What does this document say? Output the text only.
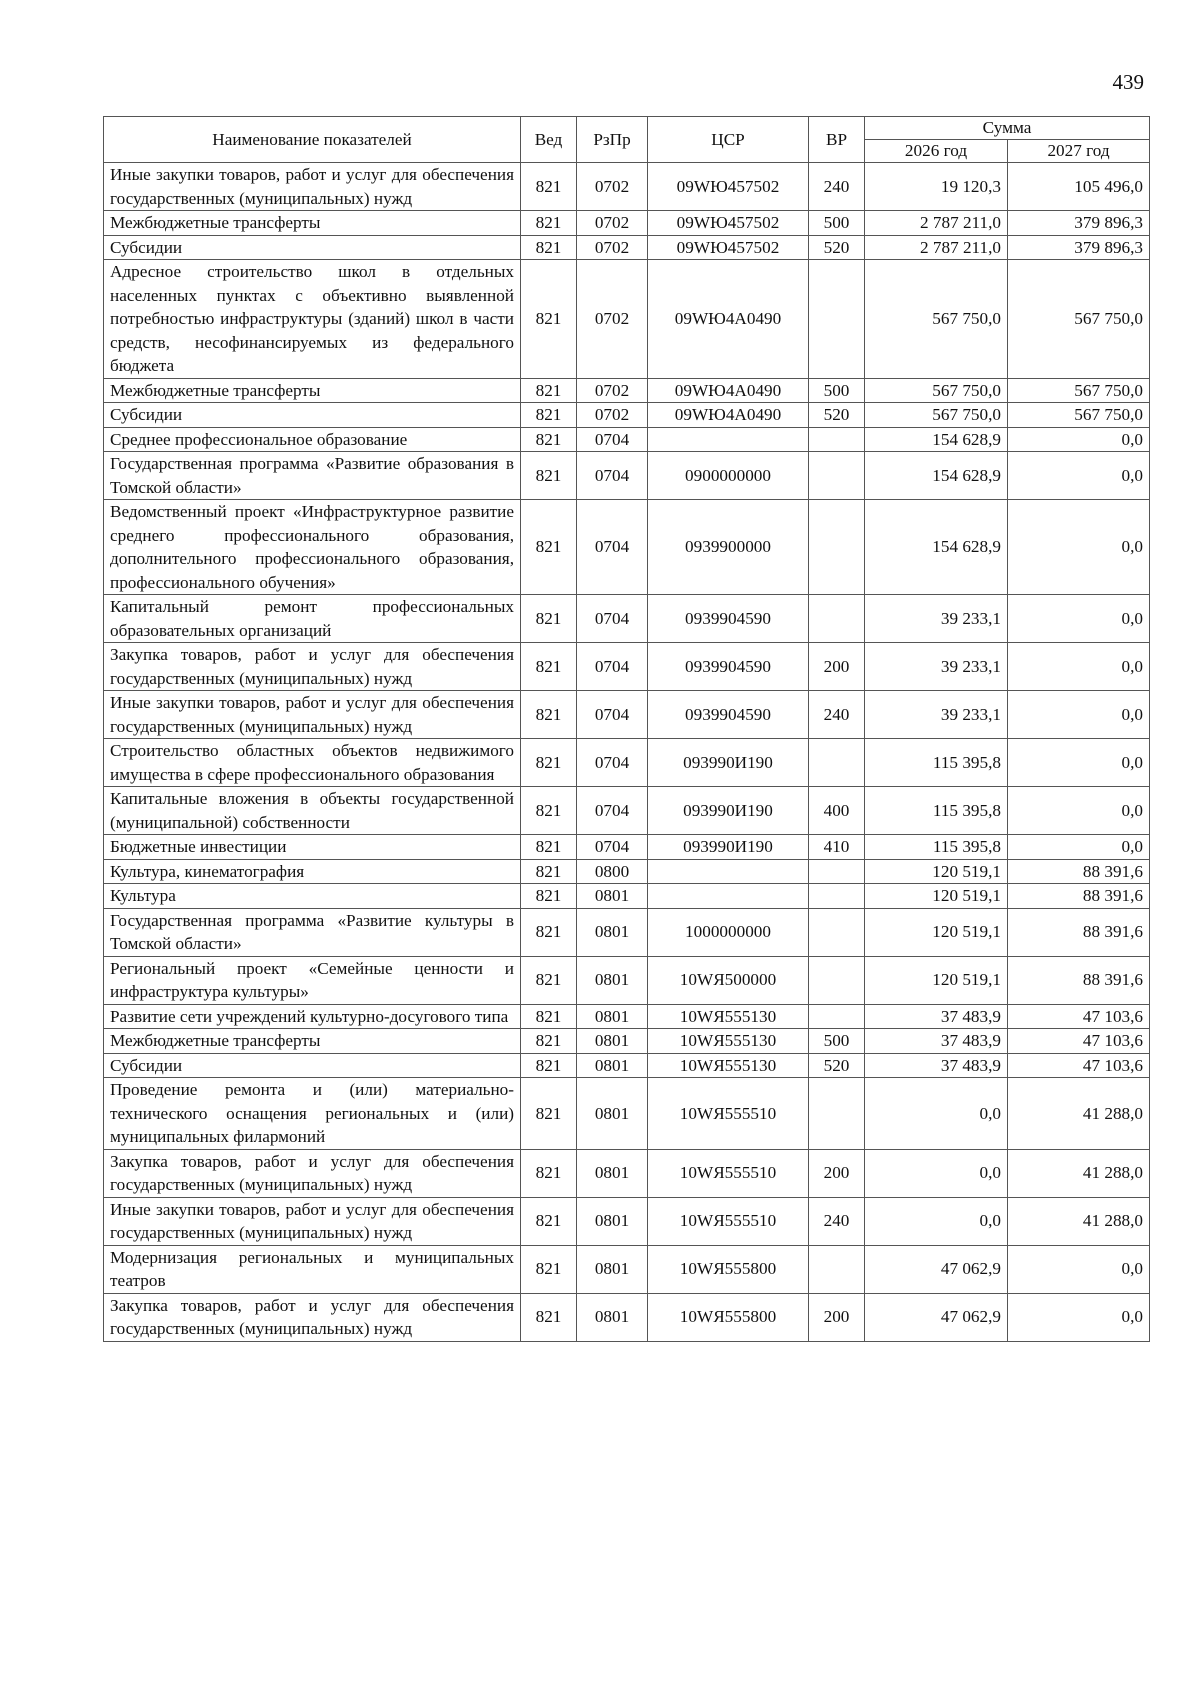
439
Наименование показателей	Вед	РзПр	ЦСР	ВР	Сумма	
					2026 год	2027 год
Иные закупки товаров, работ и услуг для обеспечения государственных (муниципальных) нужд	821	0702	09WЮ457502	240	19 120,3	105 496,0
Межбюджетные трансферты	821	0702	09WЮ457502	500	2 787 211,0	379 896,3
Субсидии	821	0702	09WЮ457502	520	2 787 211,0	379 896,3
Адресное строительство школ в отдельных населенных пунктах с объективно выявленной потребностью инфраструктуры (зданий) школ в части средств, несофинансируемых из федерального бюджета	821	0702	09WЮ4А0490		567 750,0	567 750,0
Межбюджетные трансферты	821	0702	09WЮ4А0490	500	567 750,0	567 750,0
Субсидии	821	0702	09WЮ4А0490	520	567 750,0	567 750,0
Среднее профессиональное образование	821	0704			154 628,9	0,0
Государственная программа «Развитие образования в Томской области»	821	0704	0900000000		154 628,9	0,0
Ведомственный проект «Инфраструктурное развитие среднего профессионального образования, дополнительного профессионального образования, профессионального обучения»	821	0704	0939900000		154 628,9	0,0
Капитальный ремонт профессиональных образовательных организаций	821	0704	0939904590		39 233,1	0,0
Закупка товаров, работ и услуг для обеспечения государственных (муниципальных) нужд	821	0704	0939904590	200	39 233,1	0,0
Иные закупки товаров, работ и услуг для обеспечения государственных (муниципальных) нужд	821	0704	0939904590	240	39 233,1	0,0
Строительство областных объектов недвижимого имущества в сфере профессионального образования	821	0704	093990И190		115 395,8	0,0
Капитальные вложения в объекты государственной (муниципальной) собственности	821	0704	093990И190	400	115 395,8	0,0
Бюджетные инвестиции	821	0704	093990И190	410	115 395,8	0,0
Культура, кинематография	821	0800			120 519,1	88 391,6
Культура	821	0801			120 519,1	88 391,6
Государственная программа «Развитие культуры в Томской области»	821	0801	1000000000		120 519,1	88 391,6
Региональный проект «Семейные ценности и инфраструктура культуры»	821	0801	10WЯ500000		120 519,1	88 391,6
Развитие сети учреждений культурно-досугового типа	821	0801	10WЯ555130		37 483,9	47 103,6
Межбюджетные трансферты	821	0801	10WЯ555130	500	37 483,9	47 103,6
Субсидии	821	0801	10WЯ555130	520	37 483,9	47 103,6
Проведение ремонта и (или) материально-технического оснащения региональных и (или) муниципальных филармоний	821	0801	10WЯ555510		0,0	41 288,0
Закупка товаров, работ и услуг для обеспечения государственных (муниципальных) нужд	821	0801	10WЯ555510	200	0,0	41 288,0
Иные закупки товаров, работ и услуг для обеспечения государственных (муниципальных) нужд	821	0801	10WЯ555510	240	0,0	41 288,0
Модернизация региональных и муниципальных театров	821	0801	10WЯ555800		47 062,9	0,0
Закупка товаров, работ и услуг для обеспечения государственных (муниципальных) нужд	821	0801	10WЯ555800	200	47 062,9	0,0
